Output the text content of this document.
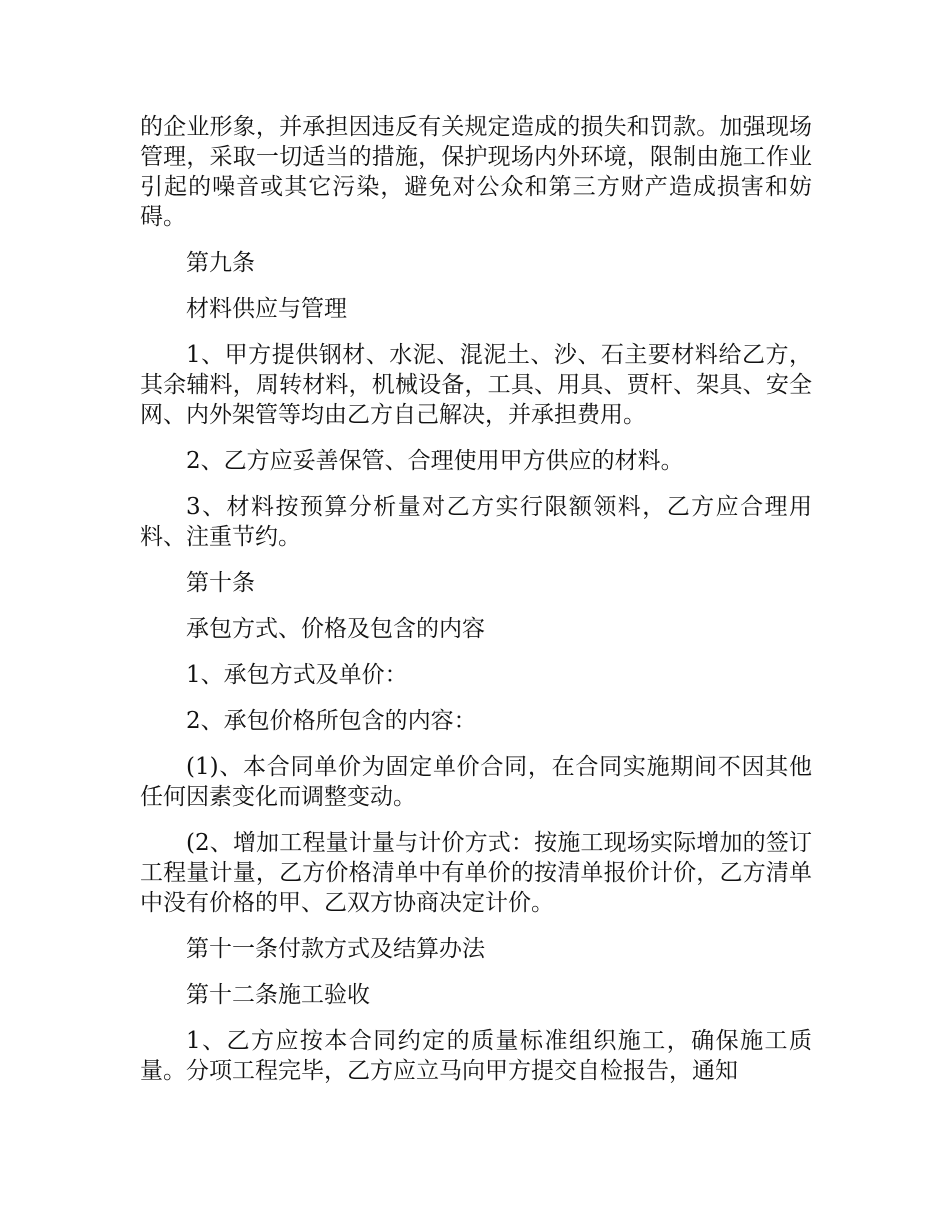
的企业形象，并承担因违反有关规定造成的损失和罚款。加强现场管理，采取一切适当的措施，保护现场内外环境，限制由施工作业引起的噪音或其它污染，避免对公众和第三方财产造成损害和妨碍。

第九条

材料供应与管理

1、甲方提供钢材、水泥、混泥土、沙、石主要材料给乙方，其余辅料，周转材料，机械设备，工具、用具、贾杆、架具、安全网、内外架管等均由乙方自己解决，并承担费用。

2、乙方应妥善保管、合理使用甲方供应的材料。

3、材料按预算分析量对乙方实行限额领料，乙方应合理用料、注重节约。

第十条

承包方式、价格及包含的内容

1、承包方式及单价：

2、承包价格所包含的内容：

(1)、本合同单价为固定单价合同，在合同实施期间不因其他任何因素变化而调整变动。

(2、增加工程量计量与计价方式：按施工现场实际增加的签订工程量计量，乙方价格清单中有单价的按清单报价计价，乙方清单中没有价格的甲、乙双方协商决定计价。

第十一条付款方式及结算办法

第十二条施工验收

1、乙方应按本合同约定的质量标准组织施工，确保施工质量。分项工程完毕，乙方应立马向甲方提交自检报告，通知
